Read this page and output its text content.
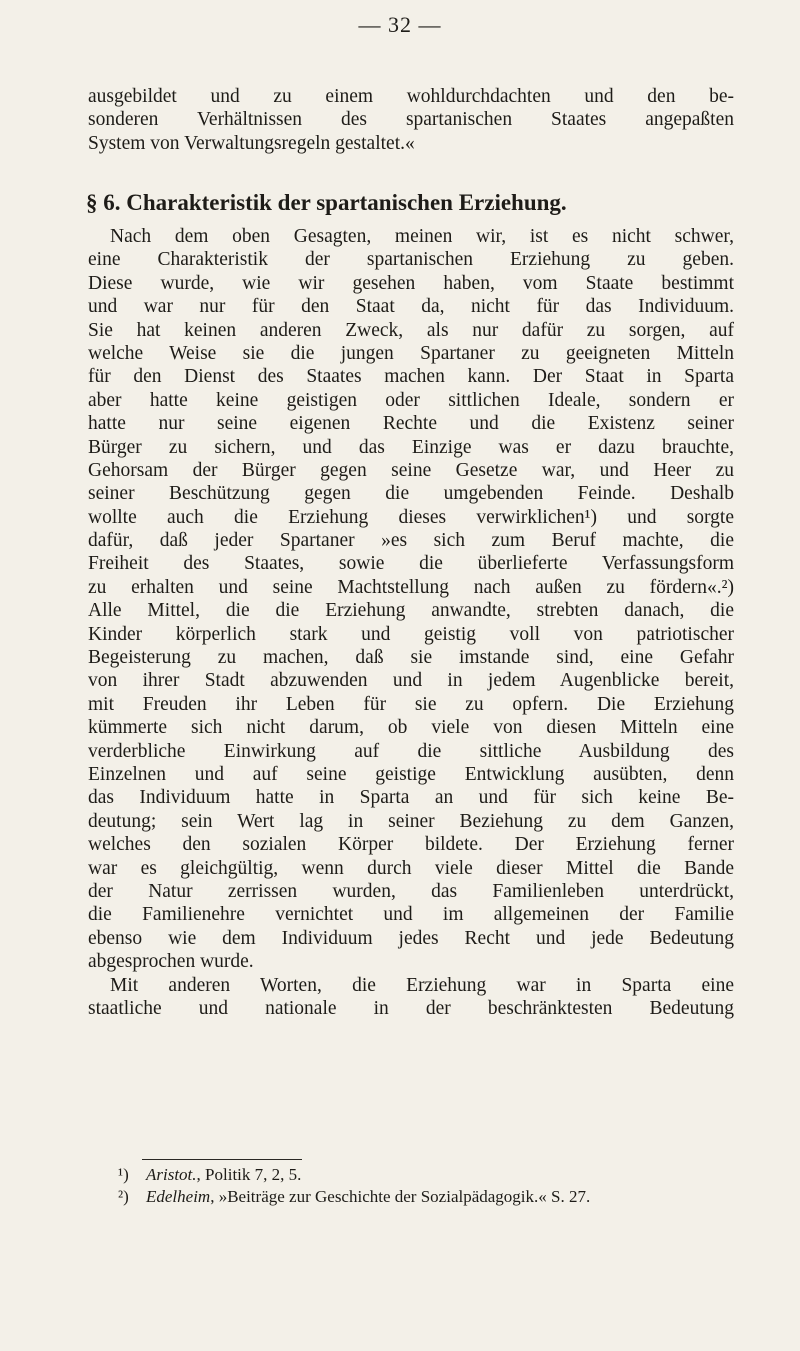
— 32 —
ausgebildet und zu einem wohldurchdachten und den be-
sonderen Verhältnissen des spartanischen Staates angepaßten
System von Verwaltungsregeln gestaltet.«
§ 6. Charakteristik der spartanischen Erziehung.
Nach dem oben Gesagten, meinen wir, ist es nicht schwer,
eine Charakteristik der spartanischen Erziehung zu geben.
Diese wurde, wie wir gesehen haben, vom Staate bestimmt
und war nur für den Staat da, nicht für das Individuum.
Sie hat keinen anderen Zweck, als nur dafür zu sorgen, auf
welche Weise sie die jungen Spartaner zu geeigneten Mitteln
für den Dienst des Staates machen kann. Der Staat in Sparta
aber hatte keine geistigen oder sittlichen Ideale, sondern er
hatte nur seine eigenen Rechte und die Existenz seiner
Bürger zu sichern, und das Einzige was er dazu brauchte,
Gehorsam der Bürger gegen seine Gesetze war, und Heer zu
seiner Beschützung gegen die umgebenden Feinde. Deshalb
wollte auch die Erziehung dieses verwirklichen¹) und sorgte
dafür, daß jeder Spartaner »es sich zum Beruf machte, die
Freiheit des Staates, sowie die überlieferte Verfassungsform
zu erhalten und seine Machtstellung nach außen zu fördern«.²)
Alle Mittel, die die Erziehung anwandte, strebten danach, die
Kinder körperlich stark und geistig voll von patriotischer
Begeisterung zu machen, daß sie imstande sind, eine Gefahr
von ihrer Stadt abzuwenden und in jedem Augenblicke bereit,
mit Freuden ihr Leben für sie zu opfern. Die Erziehung
kümmerte sich nicht darum, ob viele von diesen Mitteln eine
verderbliche Einwirkung auf die sittliche Ausbildung des
Einzelnen und auf seine geistige Entwicklung ausübten, denn
das Individuum hatte in Sparta an und für sich keine Be-
deutung; sein Wert lag in seiner Beziehung zu dem Ganzen,
welches den sozialen Körper bildete. Der Erziehung ferner
war es gleichgültig, wenn durch viele dieser Mittel die Bande
der Natur zerrissen wurden, das Familienleben unterdrückt,
die Familienehre vernichtet und im allgemeinen der Familie
ebenso wie dem Individuum jedes Recht und jede Bedeutung
abgesprochen wurde.
Mit anderen Worten, die Erziehung war in Sparta eine
staatliche und nationale in der beschränktesten Bedeutung
¹) Aristot., Politik 7, 2, 5.
²) Edelheim, »Beiträge zur Geschichte der Sozialpädagogik.« S. 27.
